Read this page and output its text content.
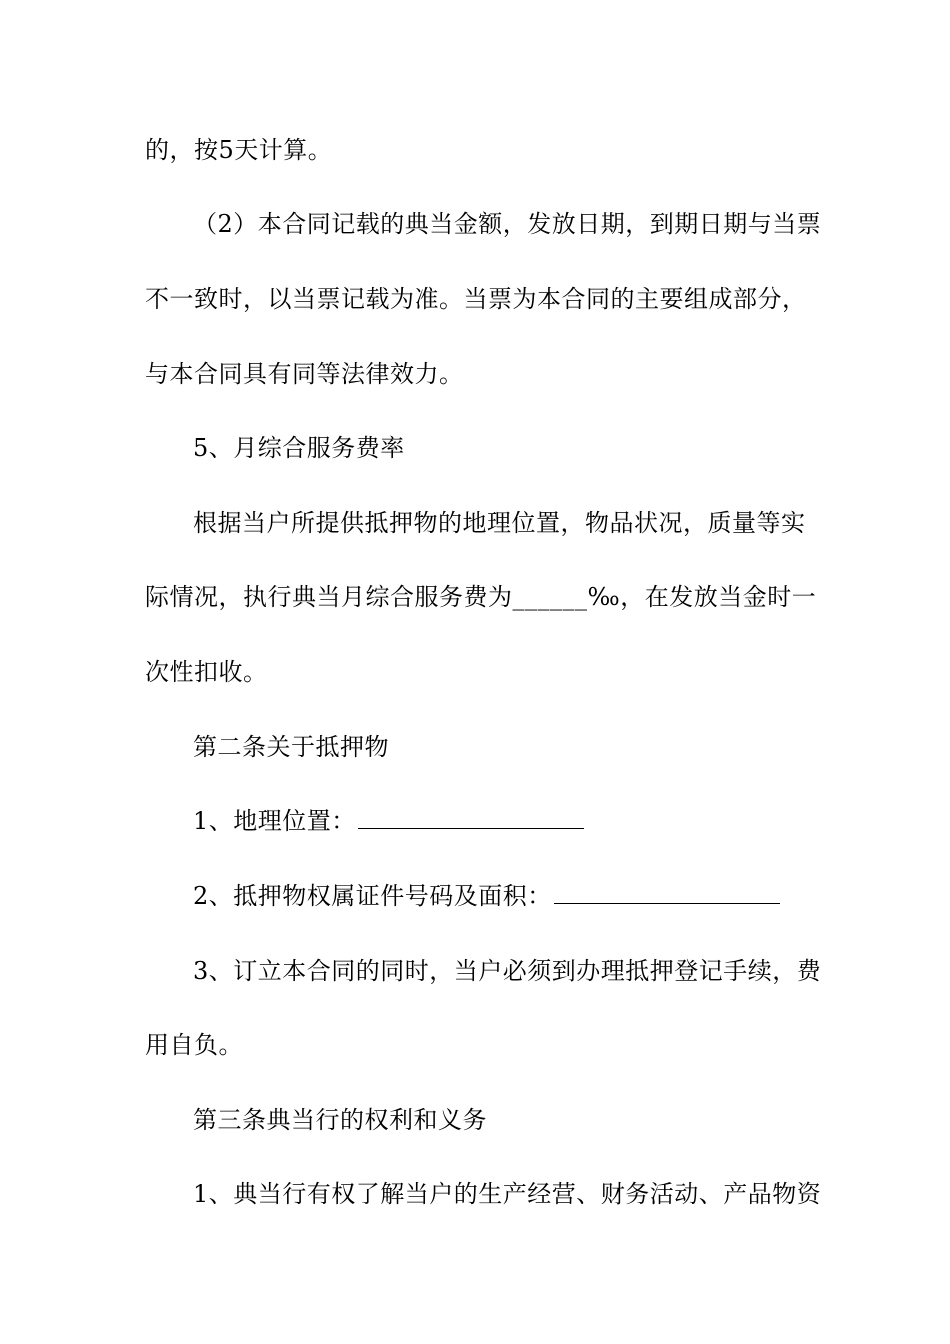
的，按5天计算。
（2）本合同记载的典当金额，发放日期，到期日期与当票
不一致时，以当票记载为准。当票为本合同的主要组成部分，
与本合同具有同等法律效力。
5、月综合服务费率
根据当户所提供抵押物的地理位置，物品状况，质量等实
际情况，执行典当月综合服务费为______‰，在发放当金时一
次性扣收。
第二条关于抵押物
1、地理位置：
2、抵押物权属证件号码及面积：
3、订立本合同的同时，当户必须到办理抵押登记手续，费
用自负。
第三条典当行的权利和义务
1、典当行有权了解当户的生产经营、财务活动、产品物资
